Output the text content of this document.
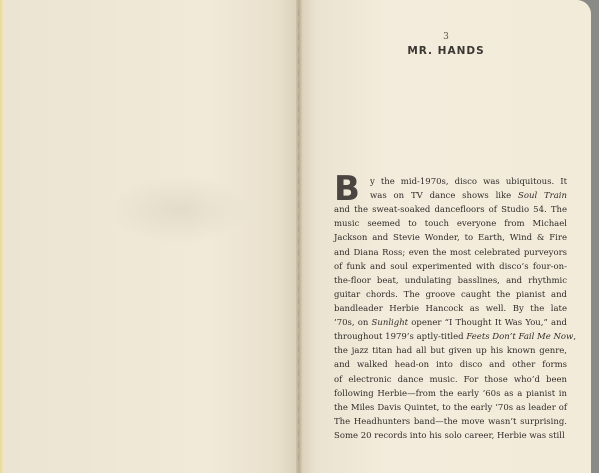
3
MR. HANDS
B	y the mid-1970s, disco was ubiquitous. It
was on TV dance shows like Soul Train
and the sweat-soaked dancefloors of Studio 54. The
music seemed to touch everyone from Michael
Jackson and Stevie Wonder, to Earth, Wind & Fire
and Diana Ross; even the most celebrated purveyors
of funk and soul experimented with disco’s four-on-
the-floor beat, undulating basslines, and rhythmic
guitar chords. The groove caught the pianist and
bandleader Herbie Hancock as well. By the late
’70s, on Sunlight opener “I Thought It Was You,” and
throughout 1979’s aptly-titled Feets Don’t Fail Me Now,
the jazz titan had all but given up his known genre,
and walked head-on into disco and other forms
of electronic dance music. For those who’d been
following Herbie—from the early ’60s as a pianist in
the Miles Davis Quintet, to the early ’70s as leader of
The Headhunters band—the move wasn’t surprising.
Some 20 records into his solo career, Herbie was still
